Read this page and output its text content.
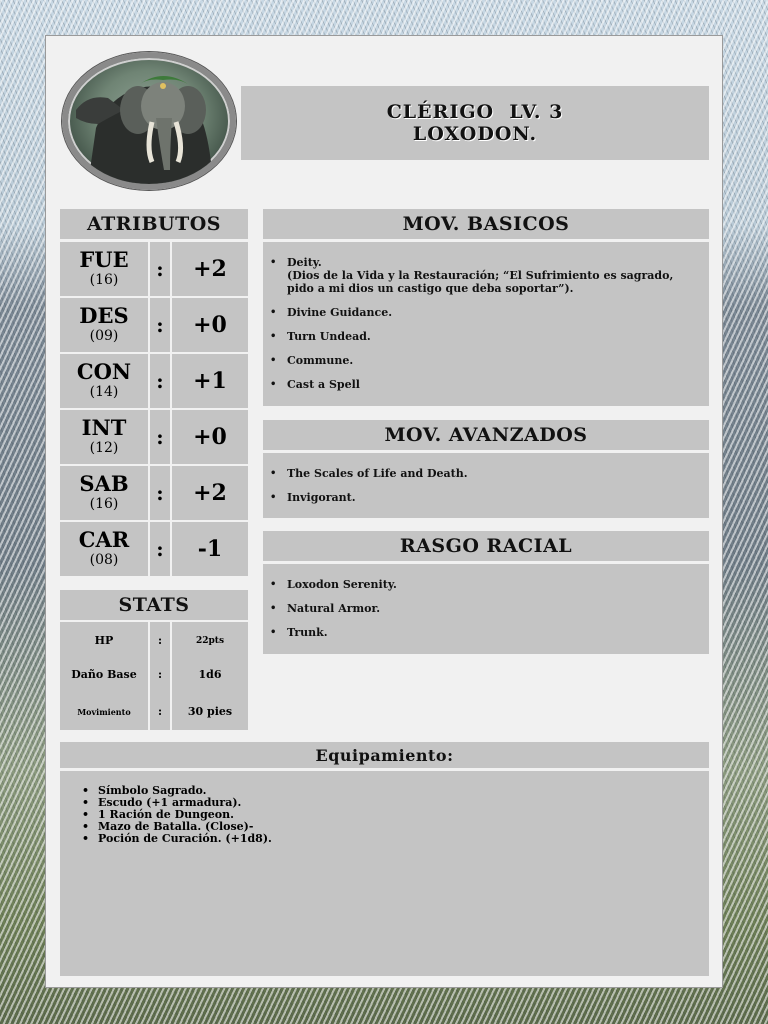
CLÉRIGO  LV. 3
LOXODON.
ATRIBUTOS
FUE
(16)	:	+2
DES
(09)	:	+0
CON
(14)	:	+1
INT
(12)	:	+0
SAB
(16)	:	+2
CAR
(08)	:	-1
STATS
HP	:	22pts
Daño Base	:	1d6
Movimiento	:	30 pies
MOV. BASICOS
• Deity.
(Dios de la Vida y la Restauración; “El Sufrimiento es sagrado, pido a mi dios un castigo que deba soportar”).
• Divine Guidance.
• Turn Undead.
• Commune.
• Cast a Spell
MOV. AVANZADOS
• The Scales of Life and Death.
• Invigorant.
RASGO RACIAL
• Loxodon Serenity.
• Natural Armor.
• Trunk.
Equipamiento:
• Símbolo Sagrado.
• Escudo (+1 armadura).
• 1 Ración de Dungeon.
• Mazo de Batalla. (Close)-
• Poción de Curación. (+1d8).
